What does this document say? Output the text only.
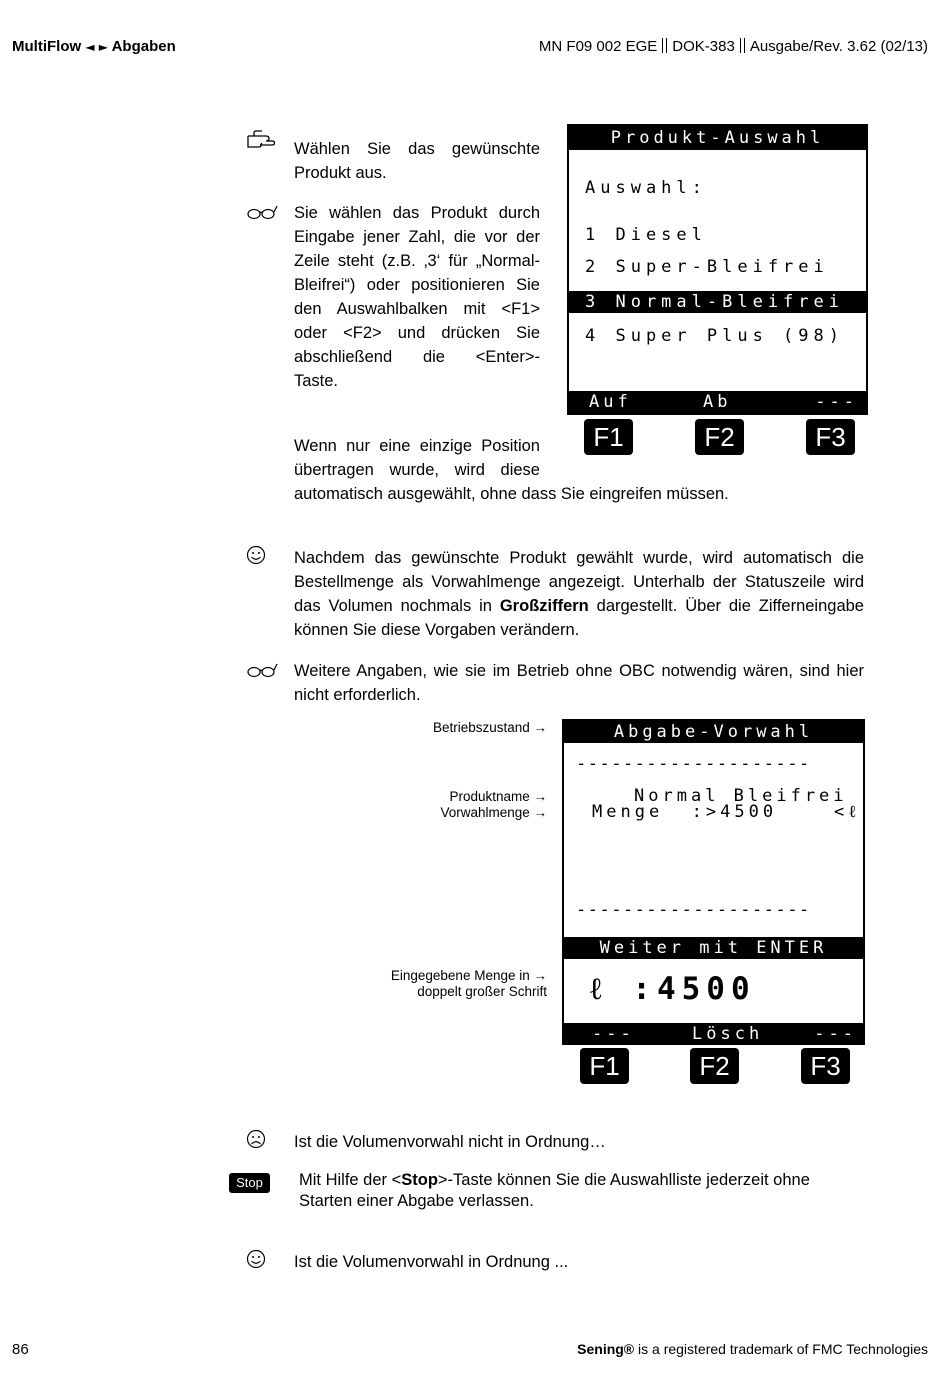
MultiFlow ◄ ► Abgaben	MN F09 002 EGE DOK-383 Ausgabe/Rev. 3.62 (02/13)
Wählen Sie das gewünschte Produkt aus.
Sie wählen das Produkt durch
Eingabe jener Zahl, die vor der
Zeile steht (z.B. ‚3‘ für „Normal-
Bleifrei“) oder positionieren Sie
den Auswahlbalken mit <F1>
oder <F2> und drücken Sie
abschließend die <Enter>-
Taste.
Produkt-Auswahl
Auswahl:
1 Diesel
2 Super-Bleifrei
3 Normal-Bleifrei
4 Super Plus (98)
Auf	Ab	---
F1	F2	F3
Wenn nur eine einzige Position
übertragen wurde, wird diese
automatisch ausgewählt, ohne dass Sie eingreifen müssen.
Nachdem das gewünschte Produkt gewählt wurde, wird automatisch die Bestellmenge als Vorwahlmenge angezeigt. Unterhalb der Statuszeile wird das Volumen nochmals in Großziffern dargestellt. Über die Zifferneingabe können Sie diese Vorgaben verändern.
Weitere Angaben, wie sie im Betrieb ohne OBC notwendig wären, sind hier nicht erforderlich.
Betriebszustand →
Produktname →
Vorwahlmenge →
Eingegebene Menge in →
doppelt großer Schrift
Abgabe-Vorwahl
--------------------
Normal Bleifrei
Menge  :>4500    <ℓ
--------------------
Weiter mit ENTER
ℓ :4500
---	Lösch	---
F1	F2	F3
Ist die Volumenvorwahl nicht in Ordnung…
Stop	Mit Hilfe der <Stop>-Taste können Sie die Auswahlliste jederzeit ohne
Starten einer Abgabe verlassen.
Ist die Volumenvorwahl in Ordnung ...
86	Sening® is a registered trademark of FMC Technologies
